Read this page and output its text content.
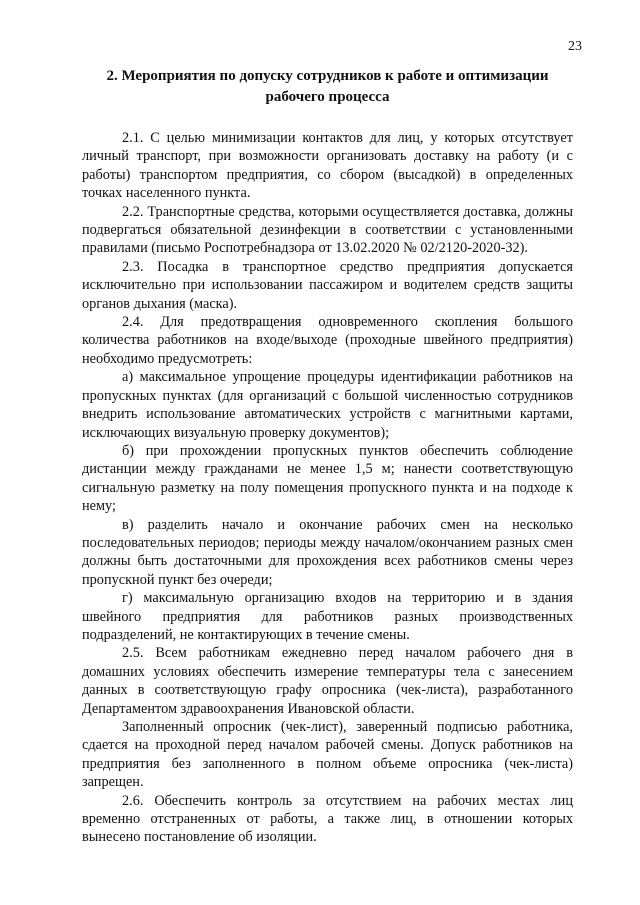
23
2. Мероприятия по допуску сотрудников к работе и оптимизации рабочего процесса

2.1. С целью минимизации контактов для лиц, у которых отсутствует личный транспорт, при возможности организовать доставку на работу (и с работы) транспортом предприятия, со сбором (высадкой) в определенных точках населенного пункта.

2.2. Транспортные средства, которыми осуществляется доставка, должны подвергаться обязательной дезинфекции в соответствии с установленными правилами (письмо Роспотребнадзора от 13.02.2020 № 02/2120-2020-32).

2.3. Посадка в транспортное средство предприятия допускается исключительно при использовании пассажиром и водителем средств защиты органов дыхания (маска).

2.4. Для предотвращения одновременного скопления большого количества работников на входе/выходе (проходные швейного предприятия) необходимо предусмотреть:

а) максимальное упрощение процедуры идентификации работников на пропускных пунктах (для организаций с большой численностью сотрудников внедрить использование автоматических устройств с магнитными картами, исключающих визуальную проверку документов);

б) при прохождении пропускных пунктов обеспечить соблюдение дистанции между гражданами не менее 1,5 м; нанести соответствующую сигнальную разметку на полу помещения пропускного пункта и на подходе к нему;

в) разделить начало и окончание рабочих смен на несколько последовательных периодов; периоды между началом/окончанием разных смен должны быть достаточными для прохождения всех работников смены через пропускной пункт без очереди;

г) максимальную организацию входов на территорию и в здания швейного предприятия для работников разных производственных подразделений, не контактирующих в течение смены.

2.5. Всем работникам ежедневно перед началом рабочего дня в домашних условиях обеспечить измерение температуры тела с занесением данных в соответствующую графу опросника (чек-листа), разработанного Департаментом здравоохранения Ивановской области.

Заполненный опросник (чек-лист), заверенный подписью работника, сдается на проходной перед началом рабочей смены. Допуск работников на предприятия без заполненного в полном объеме опросника (чек-листа) запрещен.

2.6. Обеспечить контроль за отсутствием на рабочих местах лиц временно отстраненных от работы, а также лиц, в отношении которых вынесено постановление об изоляции.
